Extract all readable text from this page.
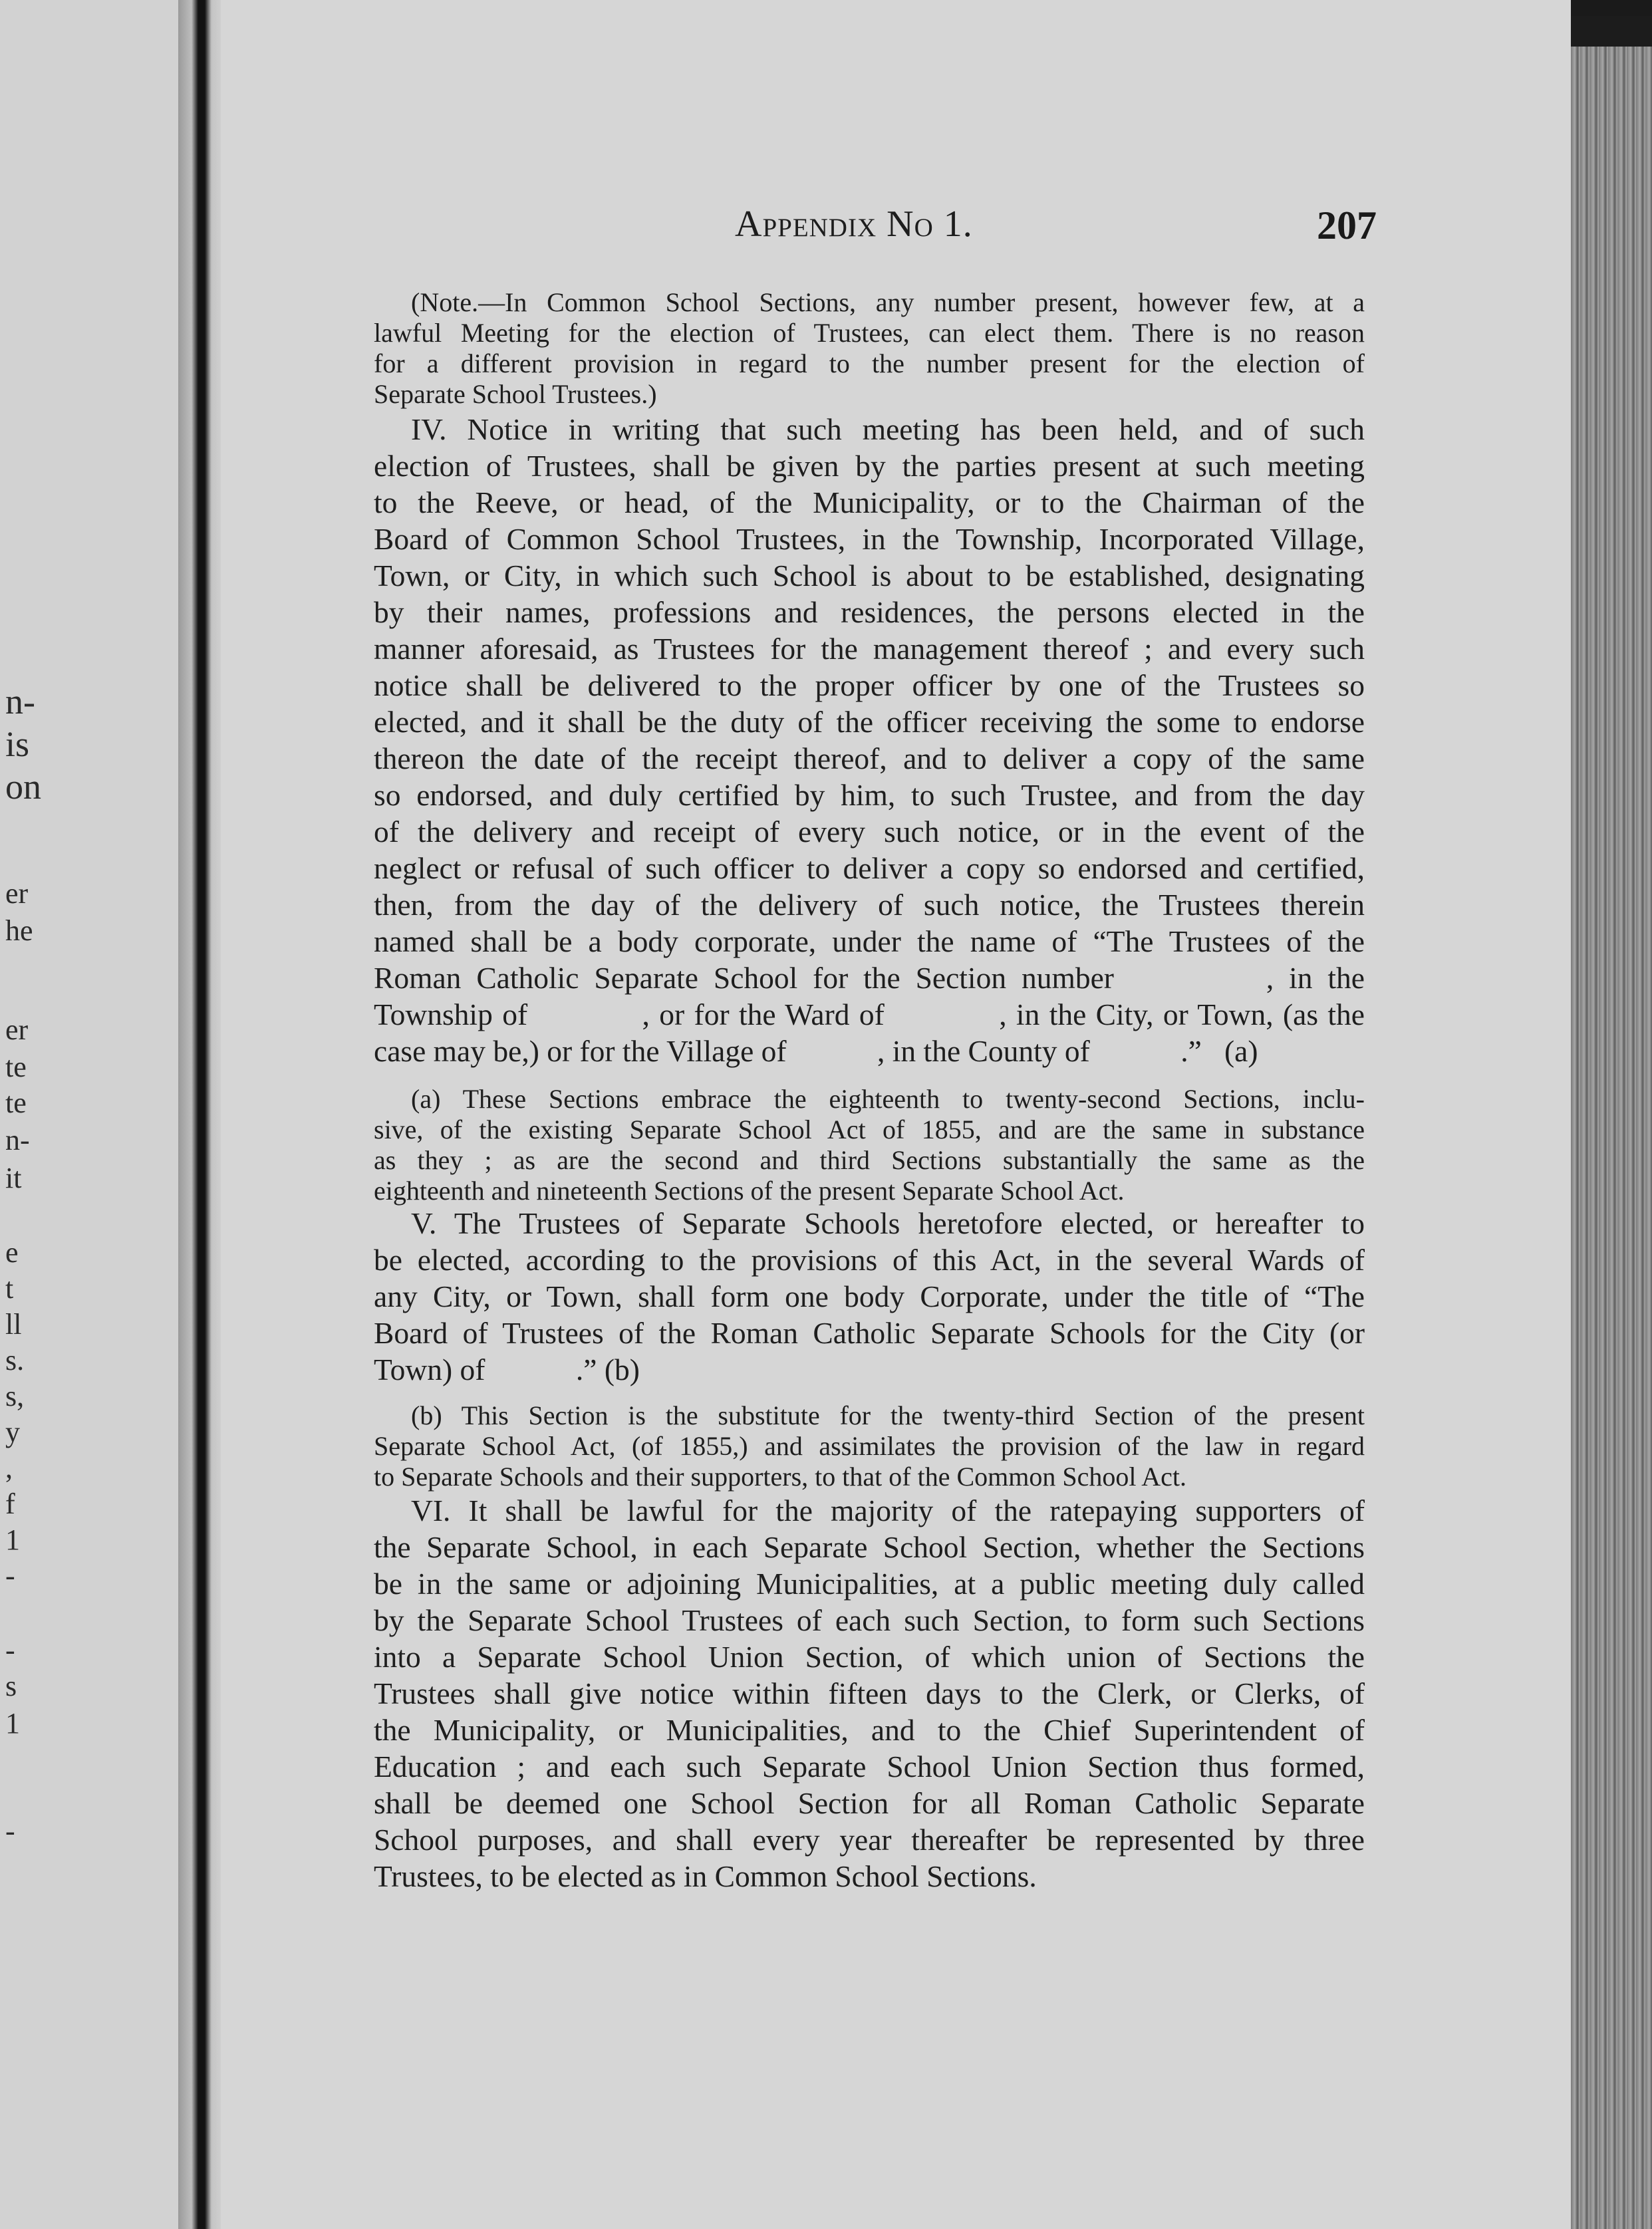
n-
is
on
er
he
er
te
te
n-
it
e
t
ll
s.
s,
y
,
f
1
-
-
s
1
-
Appendix No 1.	207
(Note.—In Common School Sections, any number present, however few, at a
lawful Meeting for the election of Trustees, can elect them. There is no reason
for a different provision in regard to the number present for the election of
Separate School Trustees.)
IV. Notice in writing that such meeting has been held, and of such
election of Trustees, shall be given by the parties present at such meeting
to the Reeve, or head, of the Municipality, or to the Chairman of the
Board of Common School Trustees, in the Township, Incorporated Village,
Town, or City, in which such School is about to be established, designating
by their names, professions and residences, the persons elected in the
manner aforesaid, as Trustees for the management thereof ; and every such
notice shall be delivered to the proper officer by one of the Trustees so
elected, and it shall be the duty of the officer receiving the some to endorse
thereon the date of the receipt thereof, and to deliver a copy of the same
so endorsed, and duly certified by him, to such Trustee, and from the day
of the delivery and receipt of every such notice, or in the event of the
neglect or refusal of such officer to deliver a copy so endorsed and certified,
then, from the day of the delivery of such notice, the Trustees therein
named shall be a body corporate, under the name of “The Trustees of the
Roman Catholic Separate School for the Section number          , in the
Township of            , or for the Ward of            , in the City, or Town, (as the
case may be,) or for the Village of            , in the County of            .”   (a)
(a) These Sections embrace the eighteenth to twenty-second Sections, inclu-
sive, of the existing Separate School Act of 1855, and are the same in substance
as they ; as are the second and third Sections substantially the same as the
eighteenth and nineteenth Sections of the present Separate School Act.
V. The Trustees of Separate Schools heretofore elected, or hereafter to
be elected, according to the provisions of this Act, in the several Wards of
any City, or Town, shall form one body Corporate, under the title of “The
Board of Trustees of the Roman Catholic Separate Schools for the City (or
Town) of            .” (b)
(b) This Section is the substitute for the twenty-third Section of the present
Separate School Act, (of 1855,) and assimilates the provision of the law in regard
to Separate Schools and their supporters, to that of the Common School Act.
VI. It shall be lawful for the majority of the ratepaying supporters of
the Separate School, in each Separate School Section, whether the Sections
be in the same or adjoining Municipalities, at a public meeting duly called
by the Separate School Trustees of each such Section, to form such Sections
into a Separate School Union Section, of which union of Sections the
Trustees shall give notice within fifteen days to the Clerk, or Clerks, of
the Municipality, or Municipalities, and to the Chief Superintendent of
Education ; and each such Separate School Union Section thus formed,
shall be deemed one School Section for all Roman Catholic Separate
School purposes, and shall every year thereafter be represented by three
Trustees, to be elected as in Common School Sections.
